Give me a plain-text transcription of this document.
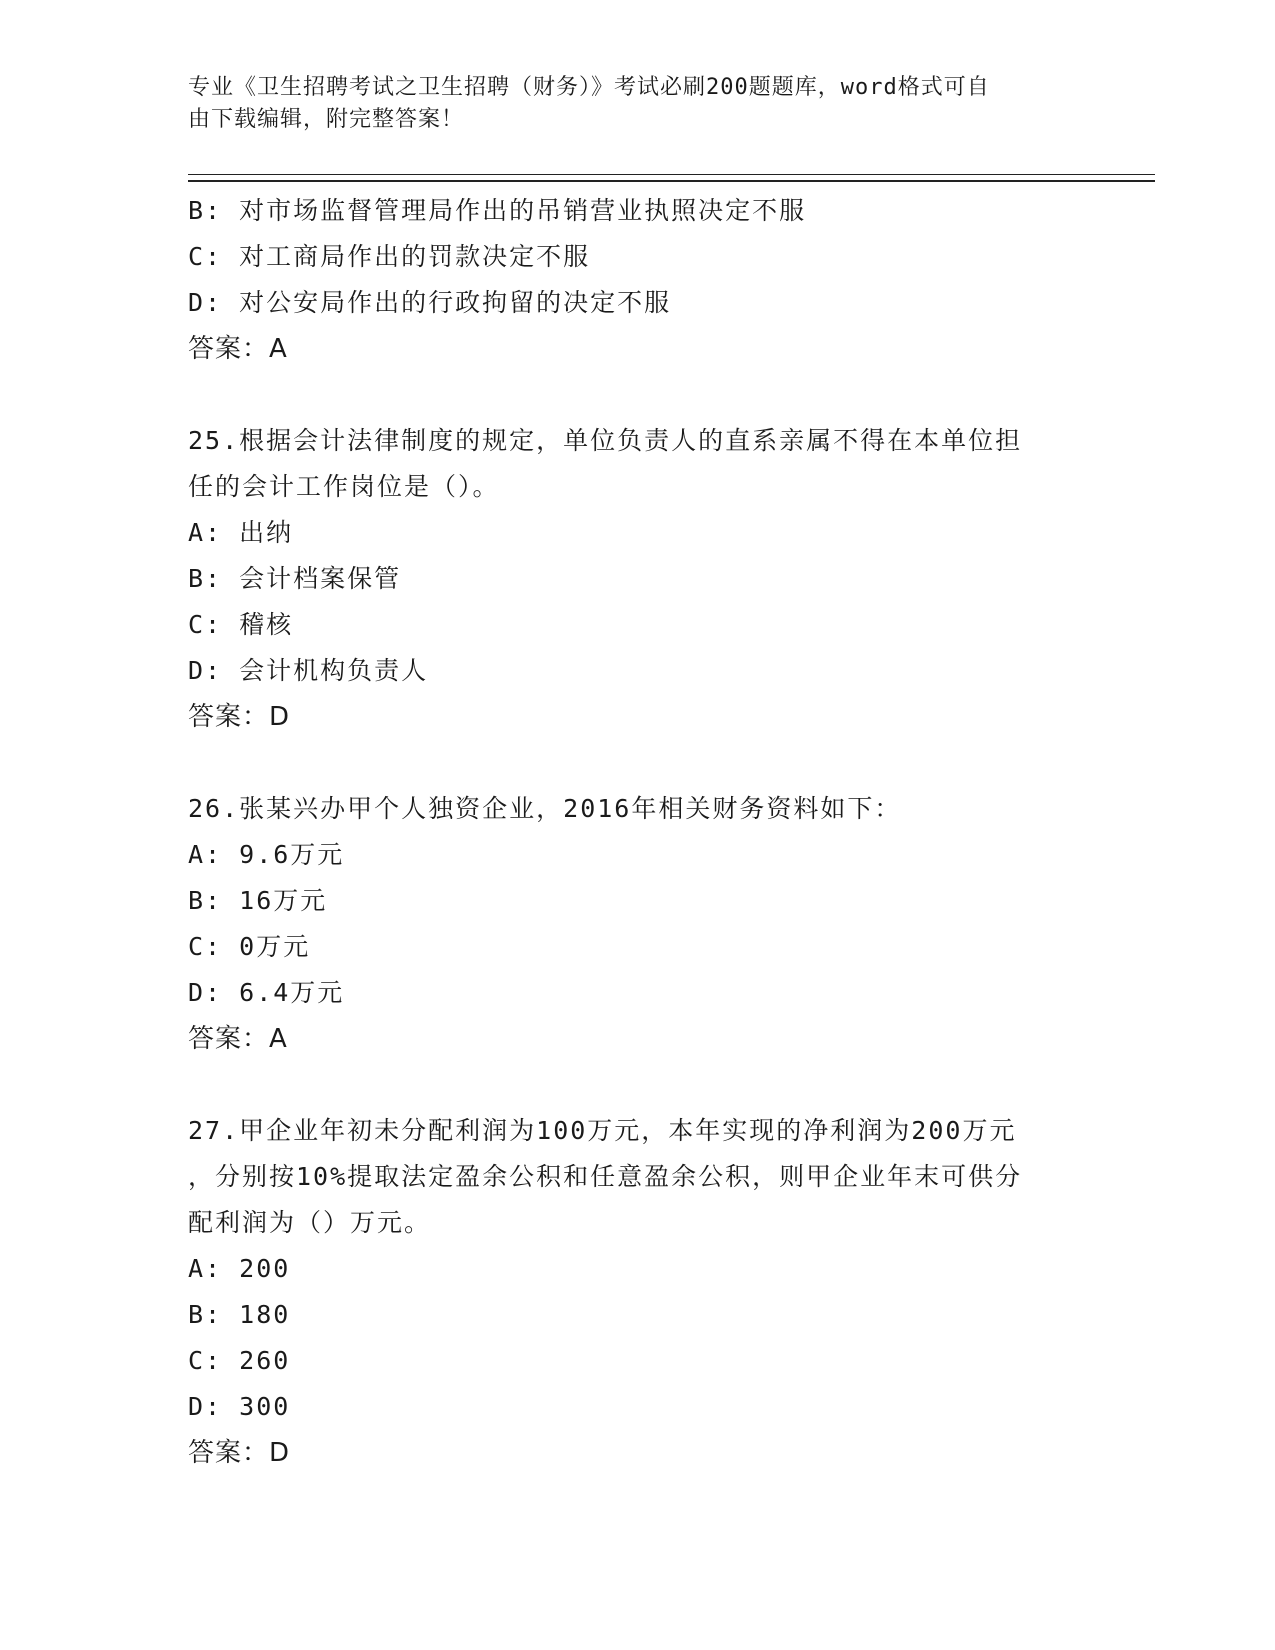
专业《卫生招聘考试之卫生招聘（财务）》考试必刷200题题库，word格式可自
由下载编辑，附完整答案！
B: 对市场监督管理局作出的吊销营业执照决定不服
C: 对工商局作出的罚款决定不服
D: 对公安局作出的行政拘留的决定不服
答案：A
25.根据会计法律制度的规定，单位负责人的直系亲属不得在本单位担
任的会计工作岗位是（）。
A: 出纳
B: 会计档案保管
C: 稽核
D: 会计机构负责人
答案：D
26.张某兴办甲个人独资企业，2016年相关财务资料如下：
A: 9.6万元
B: 16万元
C: 0万元
D: 6.4万元
答案：A
27.甲企业年初未分配利润为100万元，本年实现的净利润为200万元
，分别按10%提取法定盈余公积和任意盈余公积，则甲企业年末可供分
配利润为（）万元。
A: 200
B: 180
C: 260
D: 300
答案：D
